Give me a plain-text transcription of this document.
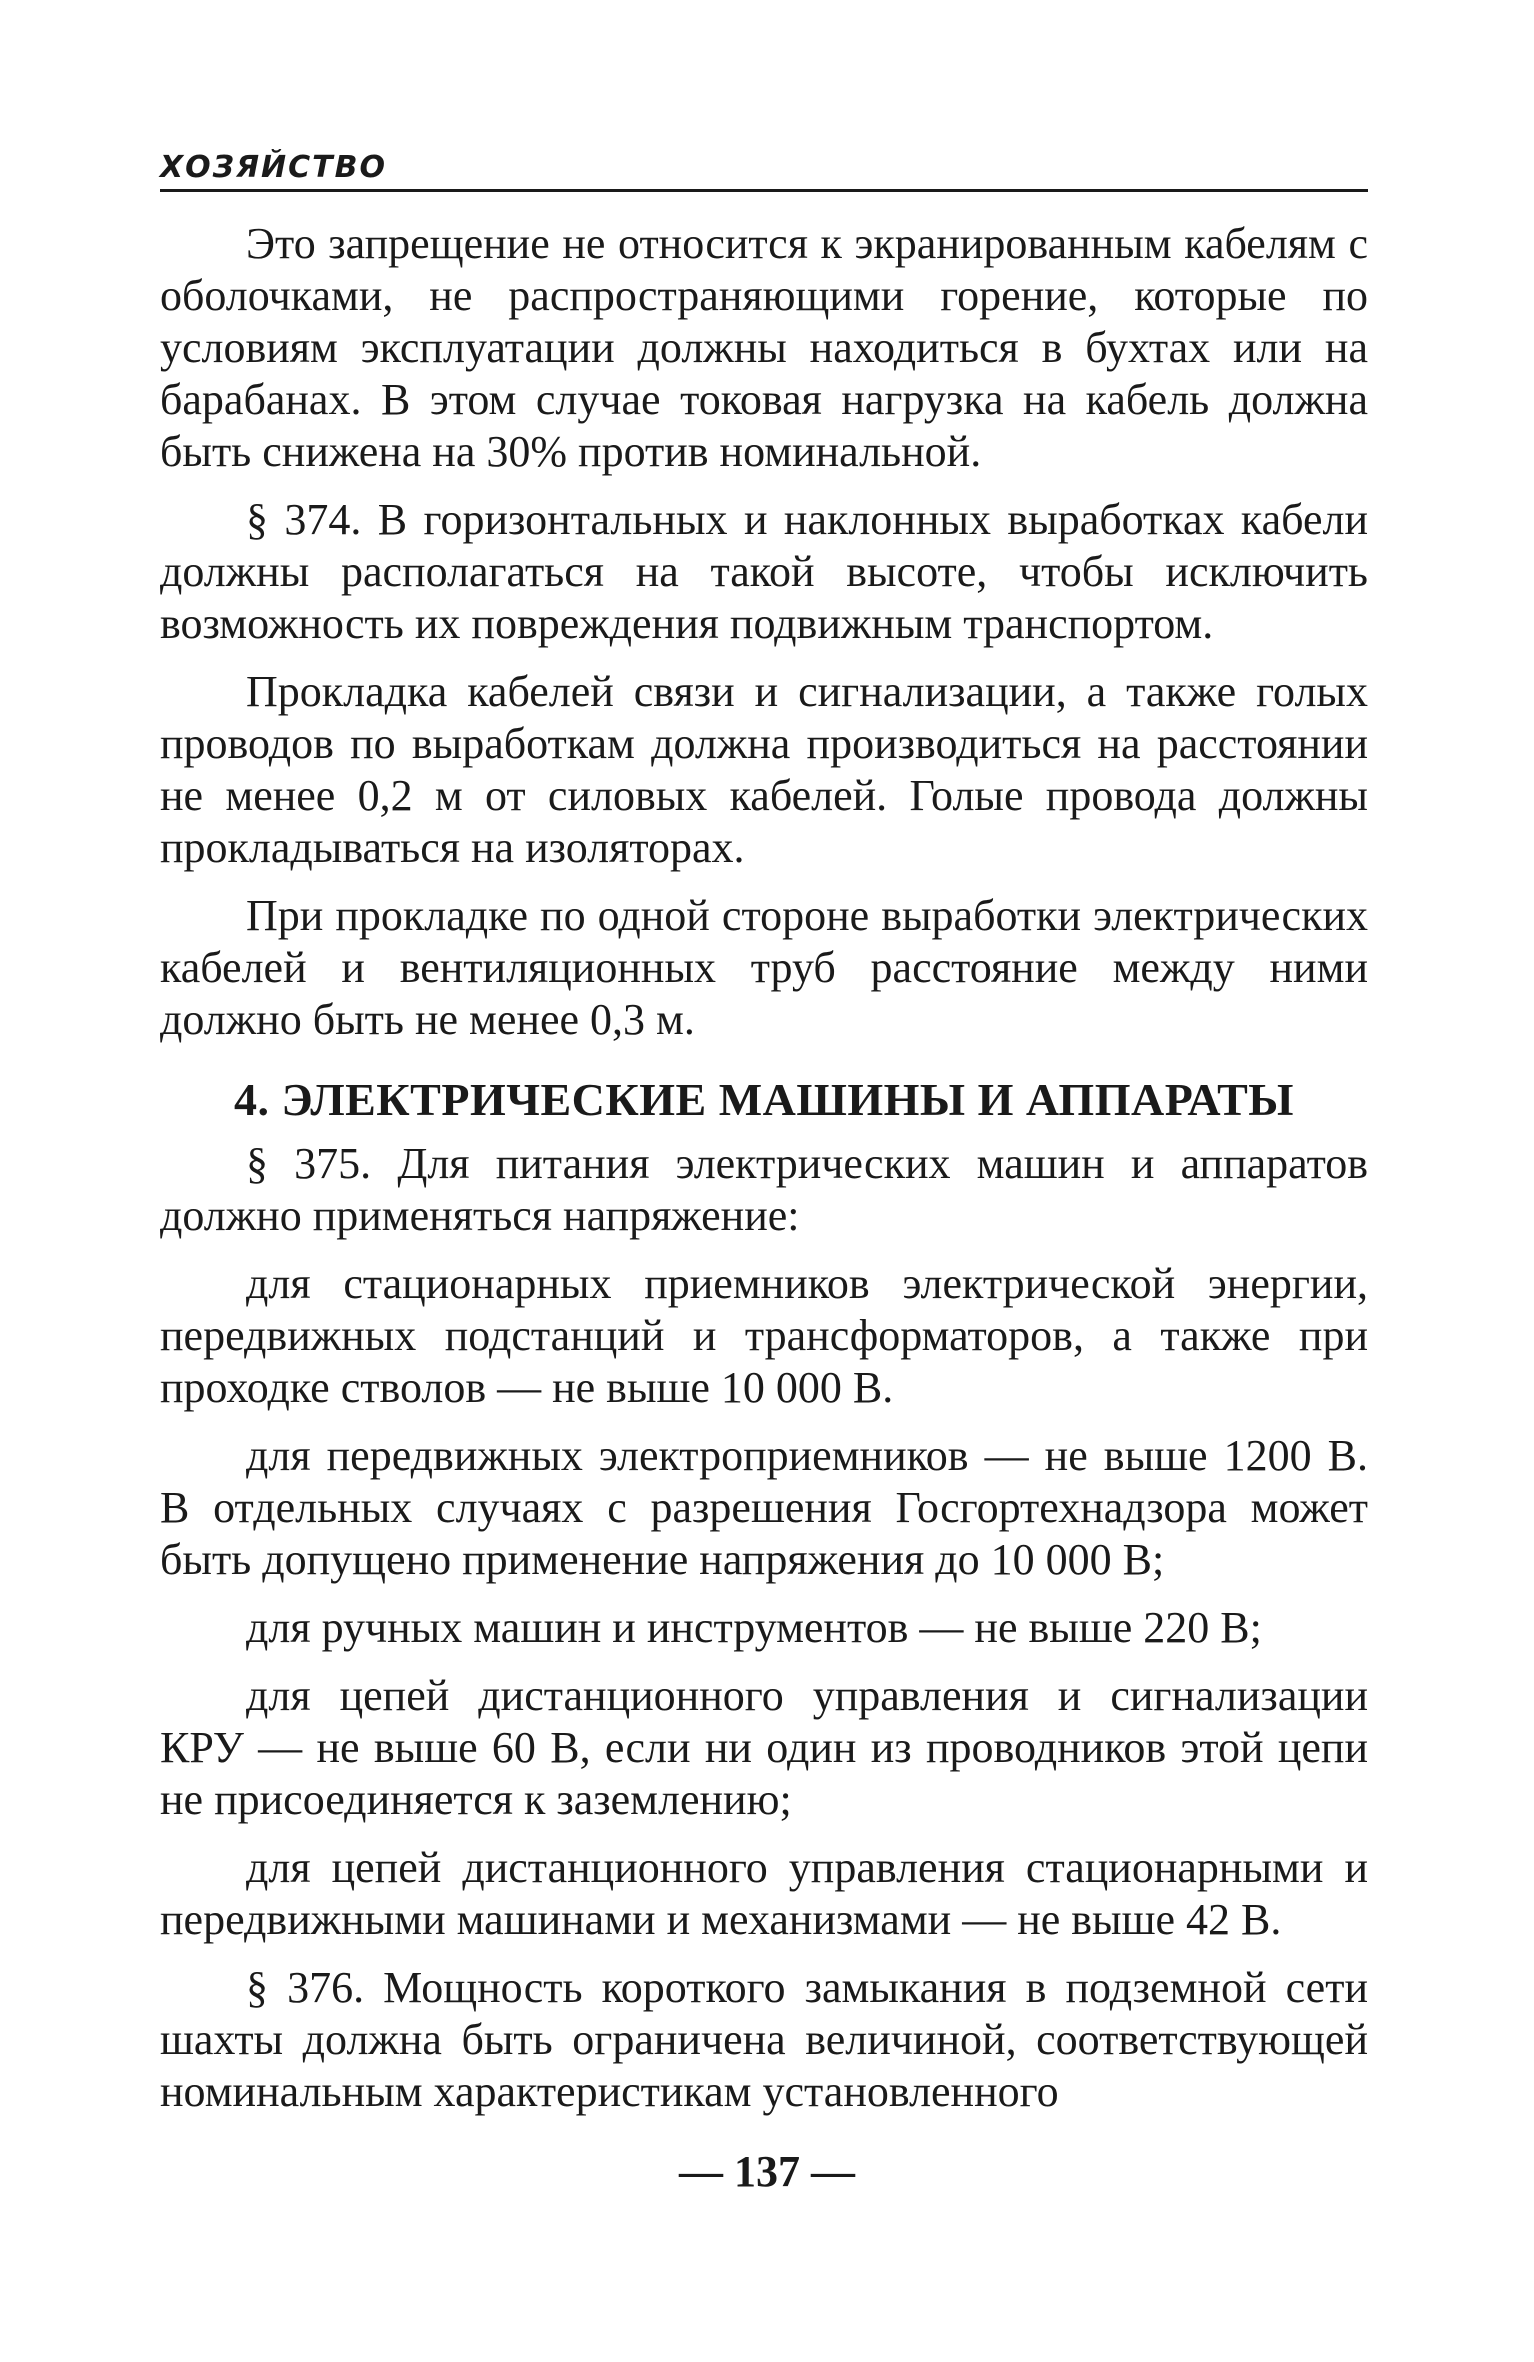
ХОЗЯЙСТВО

Это запрещение не относится к экранированным кабелям с оболочками, не распространяющими горение, которые по условиям эксплуатации должны находиться в бухтах или на барабанах. В этом случае токовая нагрузка на кабель должна быть снижена на 30% против номинальной.

§ 374. В горизонтальных и наклонных выработках кабели должны располагаться на такой высоте, чтобы исключить возможность их повреждения подвижным транспортом.

Прокладка кабелей связи и сигнализации, а также голых проводов по выработкам должна производиться на расстоянии не менее 0,2 м от силовых кабелей. Голые провода должны прокладываться на изоляторах.

При прокладке по одной стороне выработки электрических кабелей и вентиляционных труб расстояние между ними должно быть не менее 0,3 м.

4. ЭЛЕКТРИЧЕСКИЕ МАШИНЫ И АППАРАТЫ

§ 375. Для питания электрических машин и аппаратов должно применяться напряжение:

для стационарных приемников электрической энергии, передвижных подстанций и трансформаторов, а также при проходке стволов — не выше 10 000 В.

для передвижных электроприемников — не выше 1200 В. В отдельных случаях с разрешения Госгортехнадзора может быть допущено применение напряжения до 10 000 В;

для ручных машин и инструментов — не выше 220 В;

для цепей дистанционного управления и сигнализации КРУ — не выше 60 В, если ни один из проводников этой цепи не присоединяется к заземлению;

для цепей дистанционного управления стационарными и передвижными машинами и механизмами — не выше 42 В.

§ 376. Мощность короткого замыкания в подземной сети шахты должна быть ограничена величиной, соответствующей номинальным характеристикам установленного

— 137 —
